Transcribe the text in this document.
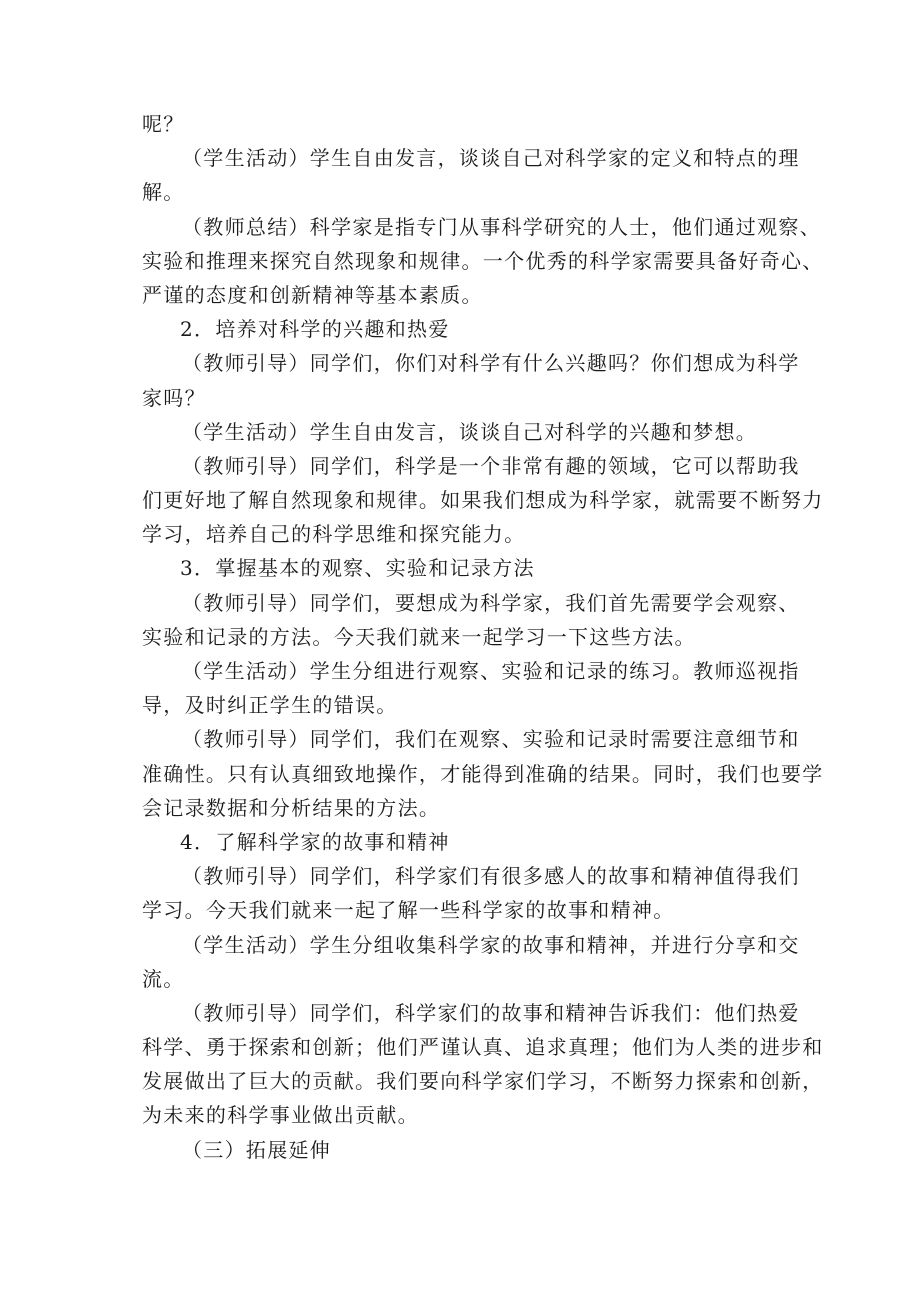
呢？
（学生活动）学生自由发言，谈谈自己对科学家的定义和特点的理
解。
（教师总结）科学家是指专门从事科学研究的人士，他们通过观察、
实验和推理来探究自然现象和规律。一个优秀的科学家需要具备好奇心、
严谨的态度和创新精神等基本素质。
2．培养对科学的兴趣和热爱
（教师引导）同学们，你们对科学有什么兴趣吗？你们想成为科学
家吗？
（学生活动）学生自由发言，谈谈自己对科学的兴趣和梦想。
（教师引导）同学们，科学是一个非常有趣的领域，它可以帮助我
们更好地了解自然现象和规律。如果我们想成为科学家，就需要不断努力
学习，培养自己的科学思维和探究能力。
3．掌握基本的观察、实验和记录方法
（教师引导）同学们，要想成为科学家，我们首先需要学会观察、
实验和记录的方法。今天我们就来一起学习一下这些方法。
（学生活动）学生分组进行观察、实验和记录的练习。教师巡视指
导，及时纠正学生的错误。
（教师引导）同学们，我们在观察、实验和记录时需要注意细节和
准确性。只有认真细致地操作，才能得到准确的结果。同时，我们也要学
会记录数据和分析结果的方法。
4．了解科学家的故事和精神
（教师引导）同学们，科学家们有很多感人的故事和精神值得我们
学习。今天我们就来一起了解一些科学家的故事和精神。
（学生活动）学生分组收集科学家的故事和精神，并进行分享和交
流。
（教师引导）同学们，科学家们的故事和精神告诉我们：他们热爱
科学、勇于探索和创新；他们严谨认真、追求真理；他们为人类的进步和
发展做出了巨大的贡献。我们要向科学家们学习，不断努力探索和创新，
为未来的科学事业做出贡献。
（三）拓展延伸
